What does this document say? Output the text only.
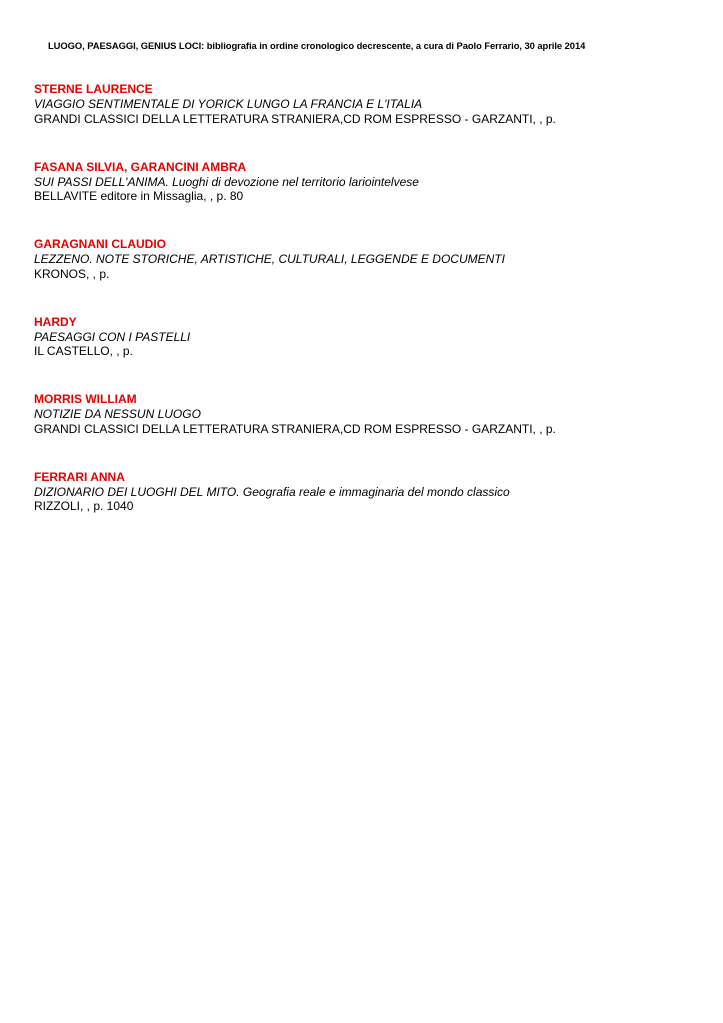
LUOGO, PAESAGGI, GENIUS LOCI: bibliografia in ordine cronologico decrescente, a cura di Paolo Ferrario, 30 aprile 2014
STERNE LAURENCE
VIAGGIO SENTIMENTALE DI YORICK LUNGO LA FRANCIA E L'ITALIA
GRANDI CLASSICI DELLA LETTERATURA STRANIERA,CD ROM ESPRESSO - GARZANTI, , p.
FASANA SILVIA, GARANCINI AMBRA
SUI PASSI DELL'ANIMA. Luoghi di devozione nel territorio lariointelvese
BELLAVITE editore in Missaglia, , p. 80
GARAGNANI CLAUDIO
LEZZENO. NOTE STORICHE, ARTISTICHE, CULTURALI, LEGGENDE E DOCUMENTI
KRONOS, , p.
HARDY
PAESAGGI CON I PASTELLI
IL CASTELLO, , p.
MORRIS WILLIAM
NOTIZIE DA NESSUN LUOGO
GRANDI CLASSICI DELLA LETTERATURA STRANIERA,CD ROM ESPRESSO - GARZANTI, , p.
FERRARI ANNA
DIZIONARIO DEI LUOGHI DEL MITO. Geografia reale e immaginaria del mondo classico
RIZZOLI, , p. 1040
